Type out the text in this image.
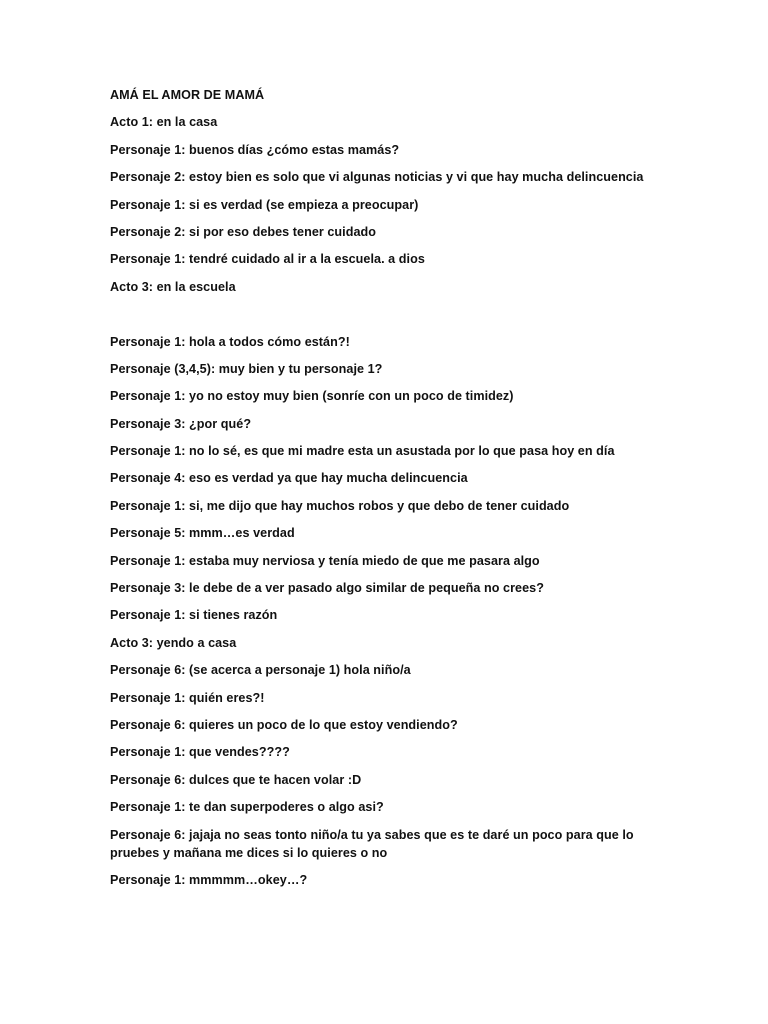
AMÁ EL AMOR DE MAMÁ
Acto 1: en la casa
Personaje 1: buenos días ¿cómo estas mamás?
Personaje 2: estoy bien es solo que vi algunas noticias y vi que hay mucha delincuencia
Personaje 1: si es verdad (se empieza a preocupar)
Personaje 2: si por eso debes tener cuidado
Personaje 1: tendré cuidado al ir a la escuela. a dios
Acto 3: en la escuela
Personaje 1: hola a todos cómo están?!
Personaje (3,4,5): muy bien y tu personaje 1?
Personaje 1: yo no estoy muy bien (sonríe con un poco de timidez)
Personaje 3: ¿por qué?
Personaje 1: no lo sé, es que mi madre esta un asustada por lo que pasa hoy en día
Personaje 4: eso es verdad ya que hay mucha delincuencia
Personaje 1: si, me dijo que hay muchos robos y que debo de tener cuidado
Personaje 5: mmm…es verdad
Personaje 1: estaba muy nerviosa y tenía miedo de que me pasara algo
Personaje 3: le debe de a ver pasado algo similar de pequeña no crees?
Personaje 1: si tienes razón
Acto 3: yendo a casa
Personaje 6: (se acerca a personaje 1) hola niño/a
Personaje 1: quién eres?!
Personaje 6: quieres un poco de lo que estoy vendiendo?
Personaje 1: que vendes????
Personaje 6: dulces que te hacen volar :D
Personaje 1: te dan superpoderes o algo asi?
Personaje 6: jajaja no seas tonto niño/a tu ya sabes que es te daré un poco para que lo pruebes y mañana me dices si lo quieres o no
Personaje 1: mmmmm…okey…?
